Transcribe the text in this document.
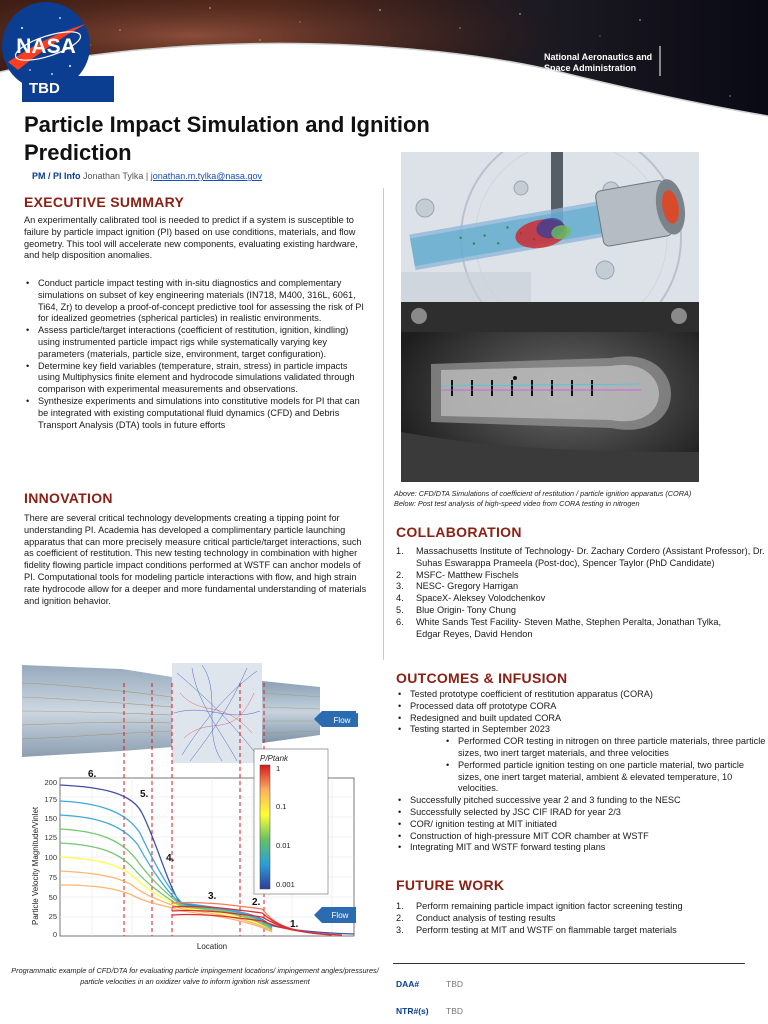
National Aeronautics and
Space Administration
NASA
TBD
Particle Impact Simulation and Ignition
Prediction
PM / PI Info Jonathan Tylka | jonathan.m.tylka@nasa.gov
EXECUTIVE SUMMARY
An experimentally calibrated tool is needed to predict if a system is susceptible to failure by particle impact ignition (PI) based on use conditions, materials, and flow geometry. This tool will accelerate new components, evaluating existing hardware, and help disposition anomalies.
• Conduct particle impact testing with in-situ diagnostics and complementary simulations on subset of key engineering materials (IN718, M400, 316L, 6061, Ti64, Zr) to develop a proof-of-concept predictive tool for assessing the risk of PI for idealized geometries (spherical particles) in realistic environments.
• Assess particle/target interactions (coefficient of restitution, ignition, kindling) using instrumented particle impact rigs while systematically varying key parameters (materials, particle size, environment, target configuration).
• Determine key field variables (temperature, strain, stress) in particle impacts using Multiphysics finite element and hydrocode simulations validated through comparison with experimental measurements and observations.
• Synthesize experiments and simulations into constitutive models for PI that can be integrated with existing computational fluid dynamics (CFD) and Debris Transport Analysis (DTA) tools in future efforts
INNOVATION
There are several critical technology developments creating a tipping point for understanding PI. Academia has developed a complimentary particle launching apparatus that can more precisely measure critical particle/target interactions, such as coefficient of restitution. This new testing technology in combination with higher fidelity flowing particle impact conditions performed at WSTF can anchor models of PI. Computational tools for modeling particle interactions with flow, and high strain rate hydrocode allow for a deeper and more fundamental understanding of materials and ignition behavior.
Flow
200
175
150
125
100
75
50
25
0
Particle Velocity Magnitude/Vinlet
Location
1.
2.
3.
4.
5.
6.
P/Ptank
1
0.1
0.01
0.001
Flow
Programmatic example of CFD/DTA for evaluating particle impingement locations/ impingement angles/pressures/ particle velocities in an oxidizer valve to inform ignition risk assessment
Above: CFD/DTA Simulations of coefficient of restitution / particle ignition apparatus (CORA)
Below: Post test analysis of high-speed video from CORA testing in nitrogen
COLLABORATION
1. Massachusetts Institute of Technology- Dr. Zachary Cordero (Assistant Professor), Dr. Suhas Eswarappa Prameela (Post-doc), Spencer Taylor (PhD Candidate)
2. MSFC- Matthew Fischels
3. NESC- Gregory Harrigan
4. SpaceX- Aleksey Volodchenkov
5. Blue Origin- Tony Chung
6. White Sands Test Facility- Steven Mathe, Stephen Peralta, Jonathan Tylka, Edgar Reyes, David Hendon
OUTCOMES & INFUSION
• Tested prototype coefficient of restitution apparatus (CORA)
• Processed data off prototype CORA
• Redesigned and built updated CORA
• Testing started in September 2023
• Performed COR testing in nitrogen on three particle materials, three particle sizes, two inert target materials, and three velocities
• Performed particle ignition testing on one particle material, two particle sizes, one inert target material, ambient & elevated temperature, 10 velocities.
• Successfully pitched successive year 2 and 3 funding to the NESC
• Successfully selected by JSC CIF IRAD for year 2/3
• COR/ ignition testing at MIT initiated
• Construction of high-pressure MIT COR chamber at WSTF
• Integrating MIT and WSTF forward testing plans
FUTURE WORK
1. Perform remaining particle impact ignition factor screening testing
2. Conduct analysis of testing results
3. Perform testing at MIT and WSTF on flammable target materials
DAA#	TBD
NTR#(s) TBD
